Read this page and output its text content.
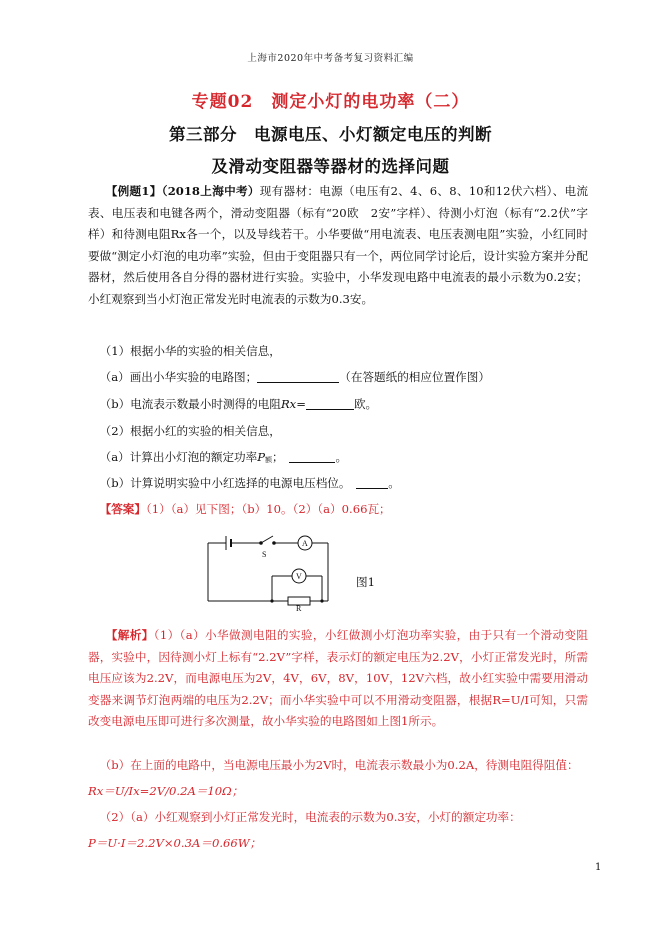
上海市2020年中考备考复习资料汇编
专题02　测定小灯的电功率（二）
第三部分　电源电压、小灯额定电压的判断
及滑动变阻器等器材的选择问题
  【例题1】（2018上海中考）现有器材：电源（电压有2、4、6、8、10和12伏六档）、电流表、电压表和电键各两个，滑动变阻器（标有“20欧　2安”字样）、待测小灯泡（标有“2.2伏”字样）和待测电阻Rx各一个，以及导线若干。小华要做“用电流表、电压表测电阻”实验，小红同时要做“测定小灯泡的电功率”实验，但由于变阻器只有一个，两位同学讨论后，设计实验方案并分配器材，然后使用各自分得的器材进行实验。实验中，小华发现电路中电流表的最小示数为0.2安；小红观察到当小灯泡正常发光时电流表的示数为0.3安。
 （1）根据小华的实验的相关信息，
 （a）画出小华实验的电路图；	（在答题纸的相应位置作图）
 （b）电流表示数最小时测得的电阻Rx=	欧。
 （2）根据小红的实验的相关信息，
 （a）计算出小灯泡的额定功率P额； 	。
 （b）计算说明实验中小红选择的电源电压档位。 	。
 【答案】（1）（a）见下图；（b）10。（2）（a）0.66瓦；
S
A
V
R
图1
  【解析】（1）（a）小华做测电阻的实验，小红做测小灯泡功率实验，由于只有一个滑动变阻器，实验中，因待测小灯上标有“2.2V”字样，表示灯的额定电压为2.2V，小灯正常发光时，所需电压应该为2.2V，而电源电压为2V，4V，6V，8V，10V，12V六档，故小红实验中需要用滑动变器来调节灯泡两端的电压为2.2V；而小华实验中可以不用滑动变阻器，根据R=U/I可知，只需改变电源电压即可进行多次测量，故小华实验的电路图如上图1所示。
 （b）在上面的电路中，当电源电压最小为2V时，电流表示数最小为0.2A，待测电阻得阻值：
Rx＝U/Ix=2V/0.2A＝10Ω；
 （2）（a）小红观察到小灯正常发光时，电流表的示数为0.3安，小灯的额定功率：
P＝U·I＝2.2V×0.3A＝0.66W；
1
